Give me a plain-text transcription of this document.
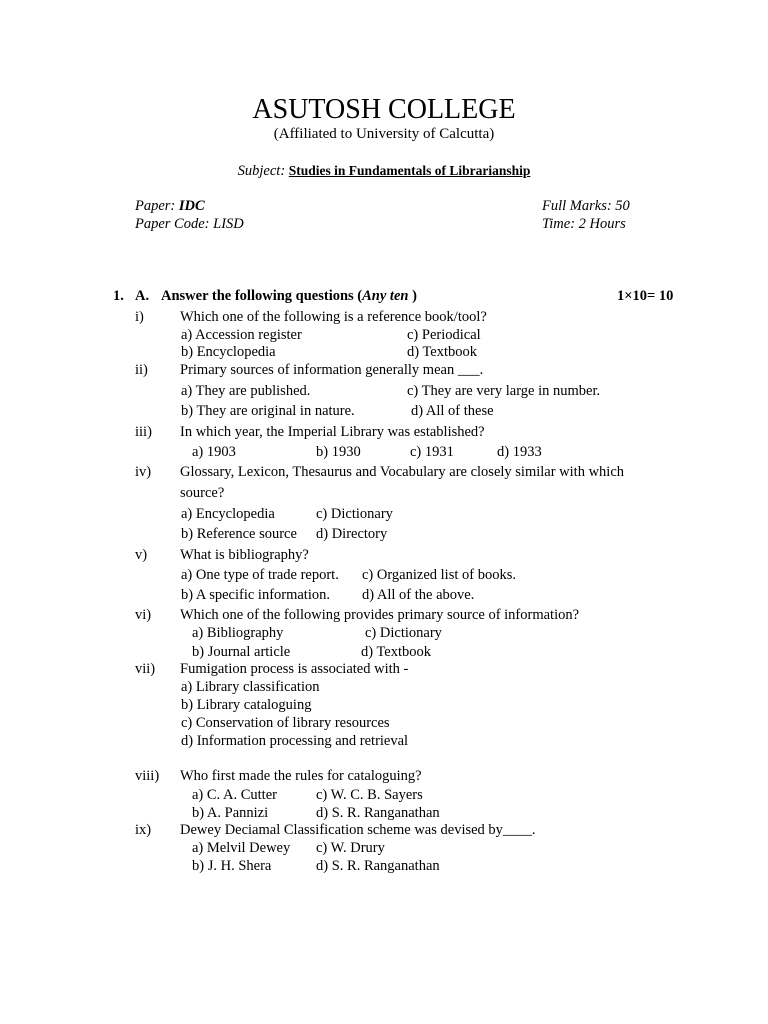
ASUTOSH COLLEGE
(Affiliated to University of Calcutta)
Subject: Studies in Fundamentals of Librarianship
Paper: IDC
Paper Code: LISD
Full Marks: 50
Time: 2 Hours
1. A. Answer the following questions (Any ten )	1×10= 10
i) Which one of the following is a reference book/tool?
a) Accession register	c) Periodical
b) Encyclopedia	d) Textbook
ii) Primary sources of information generally mean ___.
a) They are published.	c) They are very large in number.
b) They are original in nature.	d) All of these
iii) In which year, the Imperial Library was established?
a) 1903	b) 1930	c) 1931	d) 1933
iv) Glossary, Lexicon, Thesaurus and Vocabulary are closely similar with which
source?
a) Encyclopedia	c) Dictionary
b) Reference source d) Directory
v) What is bibliography?
a) One type of trade report. c) Organized list of books.
b) A specific information. d) All of the above.
vi) Which one of the following provides primary source of information?
a) Bibliography	c) Dictionary
b) Journal article	d) Textbook
vii) Fumigation process is associated with -
a) Library classification
b) Library cataloguing
c) Conservation of library resources
d) Information processing and retrieval
viii) Who first made the rules for cataloguing?
a) C. A. Cutter	c) W. C. B. Sayers
b) A. Pannizi	d) S. R. Ranganathan
ix) Dewey Deciamal Classification scheme was devised by____.
a) Melvil Dewey c) W. Drury
b) J. H. Shera	d) S. R. Ranganathan
